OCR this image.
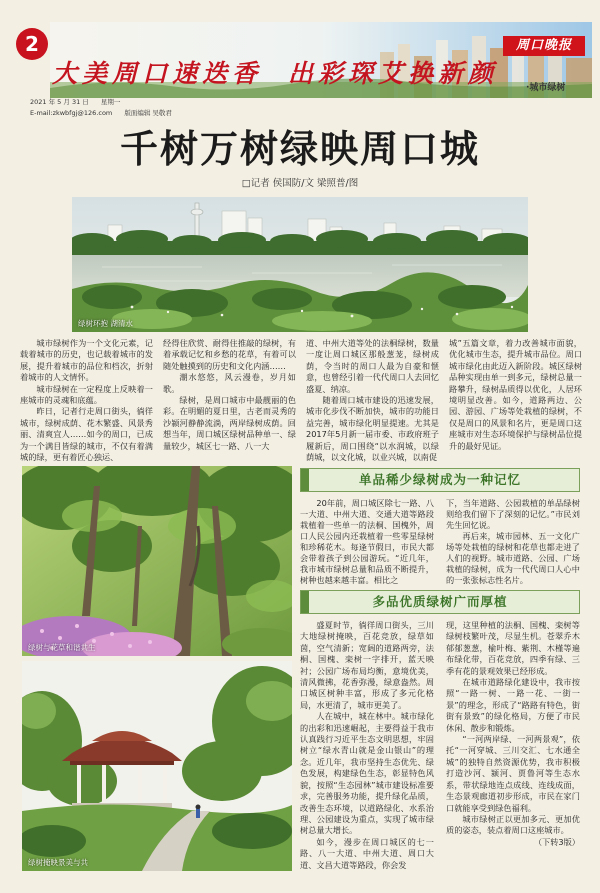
2	周口晚报
大美周口速迭香 出彩琛艾换新颜	·城市绿树
2021 年 5 月 31 日 星期一
E-mail:zkwbfgj@126.com 版面编辑 吴敬君
千树万树绿映周口城
□记者 侯国防/文 梁照普/图
绿树环抱 湖清水

城市绿树作为一个文化元素，记载着城市的历史，也记载着城市的发展，提升着城市的品位和档次，折射着城市的人文情怀。

城市绿树在一定程度上反映着一座城市的灵魂和底蕴。

昨日，记者行走周口街头，徜徉城市，绿树成荫、花木繁盛、风景秀丽、清爽宜人……如今的周口，已成为一个满目皆绿的城市，不仅有着满城的绿，更有着匠心独运、

经得住欣赏、耐得住推敲的绿树，有着承载记忆和乡愁的花草，有着可以随处触摸到的历史和文化内涵……

潮水悠悠，风云漫卷，岁月如歌。

绿树，是周口城市中最靓丽的色彩。在明媚的夏日里，古老而灵秀的沙颍河静静流淌，两岸绿树成荫。回想当年，周口城区绿树品种单一、绿量较少，城区七一路、八一大

道、中州大道等处的法桐绿树，数量一度让周口城区那般葱茏，绿树成荫，令当时的周口人最为自豪和惬意，也曾经引着一代代周口人去回忆盛夏、纳凉。

随着周口城市建设的迅速发展，城市化步伐不断加快，城市的功能日益完善，城市绿化明显提速。尤其是2017年5月新一届市委、市政府班子履新后，周口围绕“以水润城，以绿荫城，以文化城，以业兴城，以南促

城”五篇文章，着力改善城市面貌，优化城市生态，提升城市品位。周口城市绿化由此迈入新阶段。城区绿树品种实现由单一到多元，绿树总量一路攀升，绿树品质得以优化，人居环境明显改善。如今，道路两边、公园、游园、广场等处栽植的绿树，不仅是周口的风景和名片，更是周口这座城市对生态环境保护与绿树品位提升的最好见证。

绿树与花草和谐共生
单品稀少绿树成为一种记忆

20年前，周口城区除七一路、八一大道、中州大道、交通大道等路段栽植着一些单一的法桐、国槐外，周口人民公园内还栽植着一些零星绿树和珍稀花木。每逢节假日，市民大都会带着孩子到公园游玩。“近几年，我市城市绿树总量和品质不断提升，树种也越来越丰富。相比之

下，当年道路、公园栽植的单品绿树则给我们留下了深刻的记忆。”市民刘先生回忆说。

再后来，城市园林、五一文化广场等处栽植的绿树和花草也都走进了人们的视野。城市道路、公园、广场栽植的绿树，成为一代代周口人心中的一张张标志性名片。

多品优质绿树广而厚植

盛夏时节，徜徉周口街头，三川大地绿树掩映，百花竞放，绿草如茵，空气清新；宽阔的道路两旁，法桐、国槐、栾树一字排开，蓝天映衬；公园广场布局均衡，意境优美，清风微拂，花香弥漫，绿意盎然。周口城区树种丰富，形成了多元化格局，水更清了，城市更美了。

人在城中，城在林中。城市绿化的出彩和迅速崛起，主要得益于我市认真践行习近平生态文明思想，牢固树立“绿水青山就是金山银山”的理念。近几年，我市坚持生态优先、绿色发展，构建绿色生态，彰显特色风貌，按照“生态园林”城市建设标准要求，完善服务功能，提升绿化品质，改善生态环境，以道路绿化、水系治理、公园建设为重点，实现了城市绿树总量大增长。

如今，漫步在周口城区的七一路、八一大道、中州大道、周口大道、文昌大道等路段，你会发

现，这里种植的法桐、国槐、栾树等绿树枝繁叶茂，尽显生机。苍翠乔木郁郁葱葱，榆叶梅、紫荆、木槿等遍布绿化带，百花竞放，四季有绿、三季有花的景观效果已经形成。

在城市道路绿化建设中，我市按照“一路一树、一路一花、一街一景”的理念，形成了“路路有特色，街街有景致”的绿化格局，方便了市民休闲、散步和锻炼。

“一河两岸绿、一河两景观”，依托“一河穿城、三川交汇、七水通全城”的独特自然资源优势，我市积极打造沙河、颍河、贾鲁河等生态水系，带状绿地连点成线、连线成面，生态景观廊道初步形成，市民在家门口就能享受到绿色福利。

城市绿树正以更加多元、更加优质的姿态，装点着周口这座城市。

（下转3版）

绿树掩映景美与共
